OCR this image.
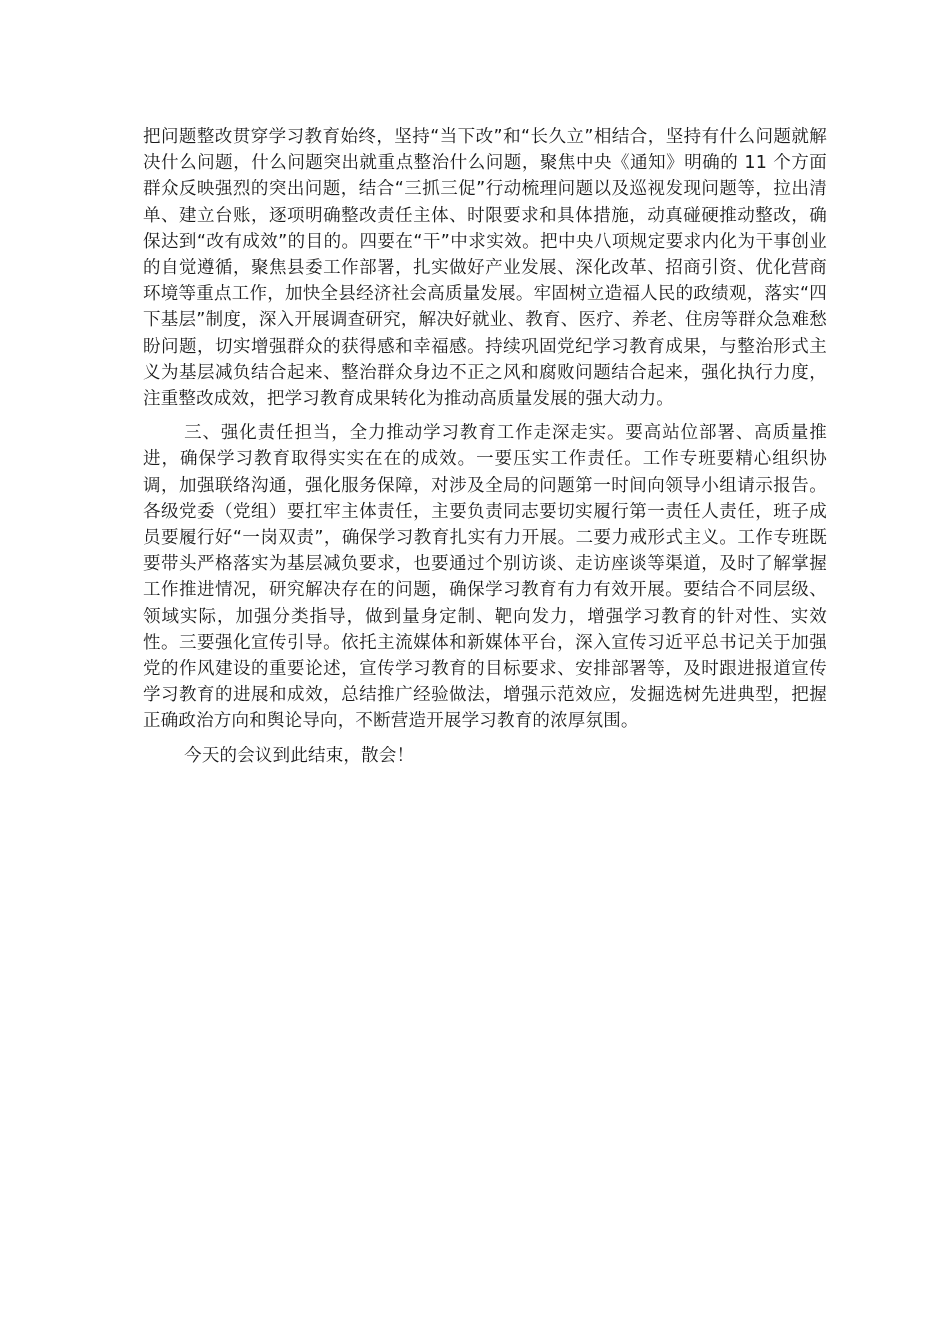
把问题整改贯穿学习教育始终，坚持“当下改”和“长久立”相结合，坚持有什么问题就解决什么问题，什么问题突出就重点整治什么问题，聚焦中央《通知》明确的 11 个方面群众反映强烈的突出问题，结合“三抓三促”行动梳理问题以及巡视发现问题等，拉出清单、建立台账，逐项明确整改责任主体、时限要求和具体措施，动真碰硬推动整改，确保达到“改有成效”的目的。四要在“干”中求实效。把中央八项规定要求内化为干事创业的自觉遵循，聚焦县委工作部署，扎实做好产业发展、深化改革、招商引资、优化营商环境等重点工作，加快全县经济社会高质量发展。牢固树立造福人民的政绩观，落实“四下基层”制度，深入开展调查研究，解决好就业、教育、医疗、养老、住房等群众急难愁盼问题，切实增强群众的获得感和幸福感。持续巩固党纪学习教育成果，与整治形式主义为基层减负结合起来、整治群众身边不正之风和腐败问题结合起来，强化执行力度，注重整改成效，把学习教育成果转化为推动高质量发展的强大动力。

三、强化责任担当，全力推动学习教育工作走深走实。要高站位部署、高质量推进，确保学习教育取得实实在在的成效。一要压实工作责任。工作专班要精心组织协调，加强联络沟通，强化服务保障，对涉及全局的问题第一时间向领导小组请示报告。各级党委（党组）要扛牢主体责任，主要负责同志要切实履行第一责任人责任，班子成员要履行好“一岗双责”，确保学习教育扎实有力开展。二要力戒形式主义。工作专班既要带头严格落实为基层减负要求，也要通过个别访谈、走访座谈等渠道，及时了解掌握工作推进情况，研究解决存在的问题，确保学习教育有力有效开展。要结合不同层级、领域实际，加强分类指导，做到量身定制、靶向发力，增强学习教育的针对性、实效性。三要强化宣传引导。依托主流媒体和新媒体平台，深入宣传习近平总书记关于加强党的作风建设的重要论述，宣传学习教育的目标要求、安排部署等，及时跟进报道宣传学习教育的进展和成效，总结推广经验做法，增强示范效应，发掘选树先进典型，把握正确政治方向和舆论导向，不断营造开展学习教育的浓厚氛围。

今天的会议到此结束，散会！
